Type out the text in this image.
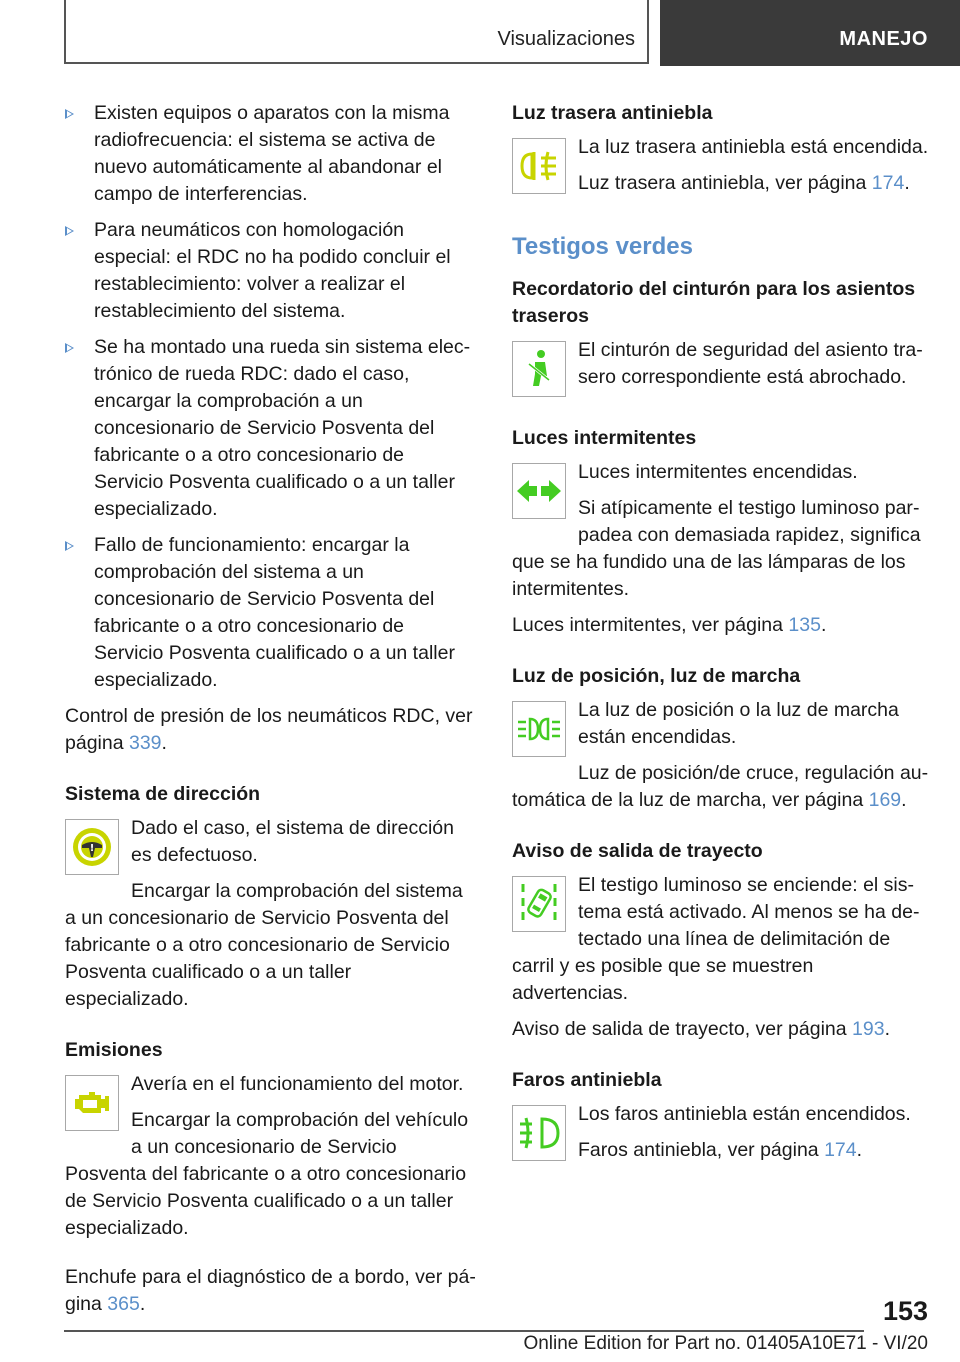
Visualizaciones	MANEJO
Existen equipos o aparatos con la misma radiofrecuencia: el sistema se activa de nuevo automáticamente al abandonar el campo de interferencias.
Para neumáticos con homologación especial: el RDC no ha podido concluir el restablecimiento: volver a realizar el restablecimiento del sistema.
Se ha montado una rueda sin sistema electrónico de rueda RDC: dado el caso, encargar la comprobación a un concesionario de Servicio Posventa del fabricante o a otro concesionario de Servicio Posventa cualificado o a un taller especializado.
Fallo de funcionamiento: encargar la comprobación del sistema a un concesionario de Servicio Posventa del fabricante o a otro concesionario de Servicio Posventa cualificado o a un taller especializado.

Control de presión de los neumáticos RDC, ver página 339.

Sistema de dirección
!

Dado el caso, el sistema de dirección es defectuoso.

Encargar la comprobación del sistema a un concesionario de Servicio Posventa del fabricante o a otro concesionario de Servicio Posventa cualificado o a un taller especializado.

Emisiones

Avería en el funcionamiento del motor.

Encargar la comprobación del vehículo a un concesionario de Servicio Posventa del fabricante o a otro concesionario de Servicio Posventa cualificado o a un taller especializado.

Enchufe para el diagnóstico de a bordo, ver página 365.

Luz trasera antiniebla

La luz trasera antiniebla está encendida.

Luz trasera antiniebla, ver página 174.

Testigos verdes
Recordatorio del cinturón para los asientos traseros

El cinturón de seguridad del asiento trasero correspondiente está abrochado.

Luces intermitentes

Luces intermitentes encendidas.

Si atípicamente el testigo luminoso parpadea con demasiada rapidez, significa que se ha fundido una de las lámparas de los intermitentes.

Luces intermitentes, ver página 135.

Luz de posición, luz de marcha

La luz de posición o la luz de marcha están encendidas.

Luz de posición/de cruce, regulación automática de la luz de marcha, ver página 169.

Aviso de salida de trayecto

El testigo luminoso se enciende: el sistema está activado. Al menos se ha detectado una línea de delimitación de carril y es posible que se muestren advertencias.

Aviso de salida de trayecto, ver página 193.

Faros antiniebla

Los faros antiniebla están encendidos.

Faros antiniebla, ver página 174.

153
Online Edition for Part no. 01405A10E71 - VI/20
